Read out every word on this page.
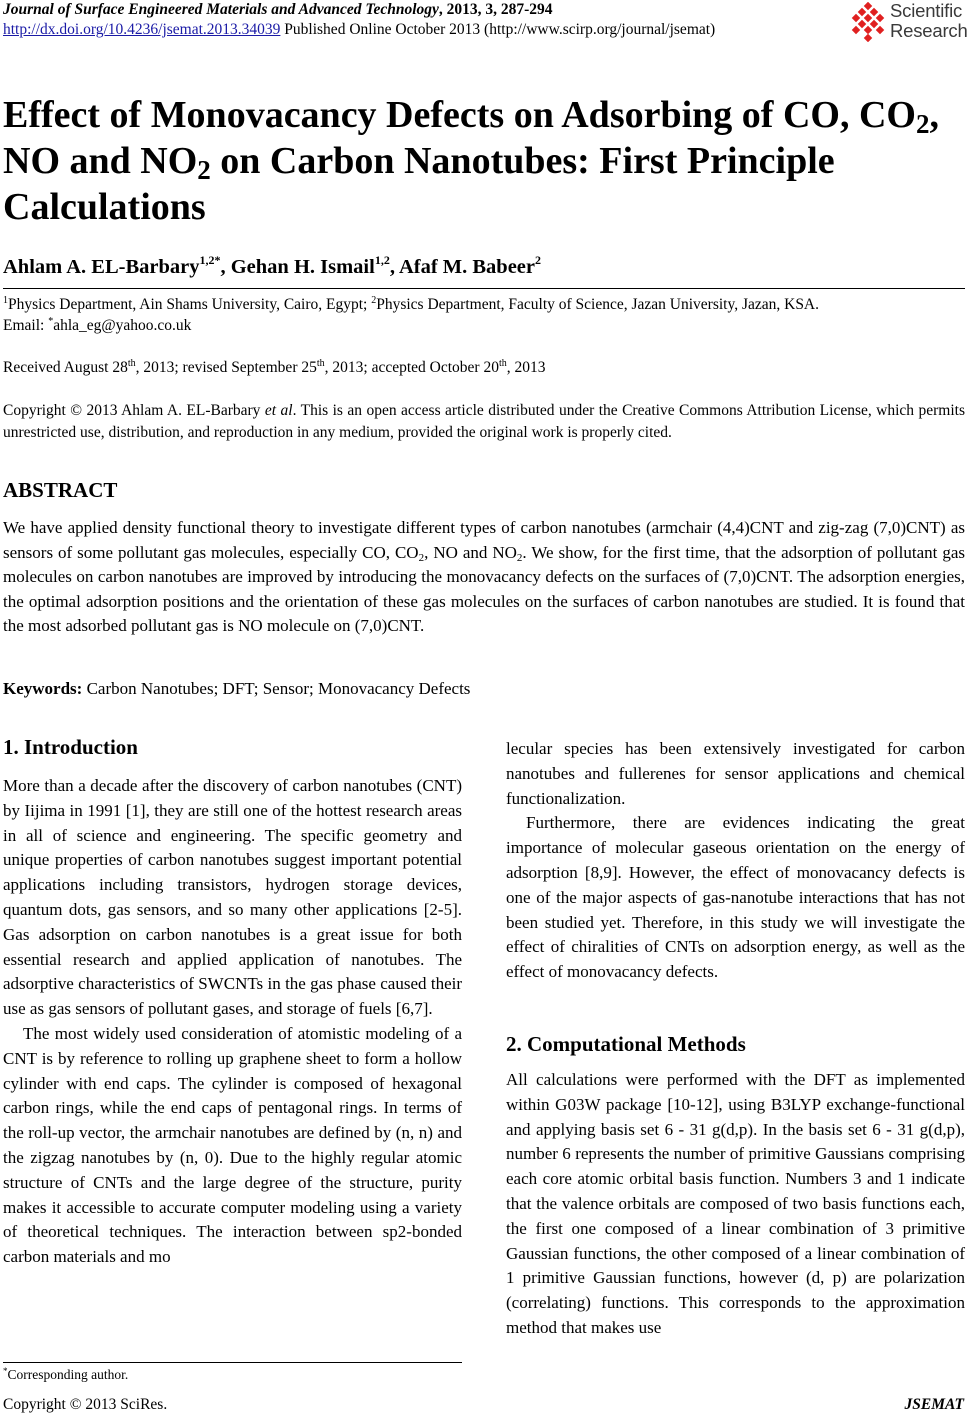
Journal of Surface Engineered Materials and Advanced Technology, 2013, 3, 287-294
http://dx.doi.org/10.4236/jsemat.2013.34039 Published Online October 2013 (http://www.scirp.org/journal/jsemat)
Scientific
Research
Effect of Monovacancy Defects on Adsorbing of CO, $CO_2$,
NO and $NO_2$ on Carbon Nanotubes: First Principle
Calculations
Ahlam A. EL-Barbary$^{1,2*}$, Gehan H. Ismail$^{1,2}$, Afaf M. Babeer$^2$
$^1$Physics Department, Ain Shams University, Cairo, Egypt; $^2$Physics Department, Faculty of Science, Jazan University, Jazan, KSA.
Email: *ahla_eg@yahoo.co.uk
Received August 28th, 2013; revised September 25th, 2013; accepted October 20th, 2013
Copyright © 2013 Ahlam A. EL-Barbary et al. This is an open access article distributed under the Creative Commons Attribution License, which permits unrestricted use, distribution, and reproduction in any medium, provided the original work is properly cited.
ABSTRACT
We have applied density functional theory to investigate different types of carbon nanotubes (armchair (4,4)CNT and zig-zag (7,0)CNT) as sensors of some pollutant gas molecules, especially CO, $CO_2$, NO and $NO_2$. We show, for the first time, that the adsorption of pollutant gas molecules on carbon nanotubes are improved by introducing the monovacancy defects on the surfaces of (7,0)CNT. The adsorption energies, the optimal adsorption positions and the orientation of these gas molecules on the surfaces of carbon nanotubes are studied. It is found that the most adsorbed pollutant gas is NO molecule on (7,0)CNT.
Keywords: Carbon Nanotubes; DFT; Sensor; Monovacancy Defects
1. Introduction

More than a decade after the discovery of carbon nanotubes (CNT) by Iijima in 1991 [1], they are still one of the hottest research areas in all of science and engineering. The specific geometry and unique properties of carbon nanotubes suggest important potential applications including transistors, hydrogen storage devices, quantum dots, gas sensors, and so many other applications [2-5]. Gas adsorption on carbon nanotubes is a great issue for both essential research and applied application of nanotubes. The adsorptive characteristics of SWCNTs in the gas phase caused their use as gas sensors of pollutant gases, and storage of fuels [6,7].

The most widely used consideration of atomistic modeling of a CNT is by reference to rolling up graphene sheet to form a hollow cylinder with end caps. The cylinder is composed of hexagonal carbon rings, while the end caps of pentagonal rings. In terms of the roll-up vector, the armchair nanotubes are defined by (n, n) and the zigzag nanotubes by (n, 0). Due to the highly regular atomic structure of CNTs and the large degree of the structure, purity makes it accessible to accurate computer modeling using a variety of theoretical techniques. The interaction between sp2-bonded carbon materials and mo

*Corresponding author.

lecular species has been extensively investigated for carbon nanotubes and fullerenes for sensor applications and chemical functionalization.

Furthermore, there are evidences indicating the great importance of molecular gaseous orientation on the energy of adsorption [8,9]. However, the effect of monovacancy defects is one of the major aspects of gas-nanotube interactions that has not been studied yet. Therefore, in this study we will investigate the effect of chiralities of CNTs on adsorption energy, as well as the effect of monovacancy defects.

2. Computational Methods

All calculations were performed with the DFT as implemented within G03W package [10-12], using B3LYP exchange-functional and applying basis set 6 - 31 g(d,p). In the basis set 6 - 31 g(d,p), number 6 represents the number of primitive Gaussians comprising each core atomic orbital basis function. Numbers 3 and 1 indicate that the valence orbitals are composed of two basis functions each, the first one composed of a linear combination of 3 primitive Gaussian functions, the other composed of a linear combination of 1 primitive Gaussian functions, however (d, p) are polarization (correlating) functions. This corresponds to the approximation method that makes use

Copyright © 2013 SciRes.	JSEMAT
